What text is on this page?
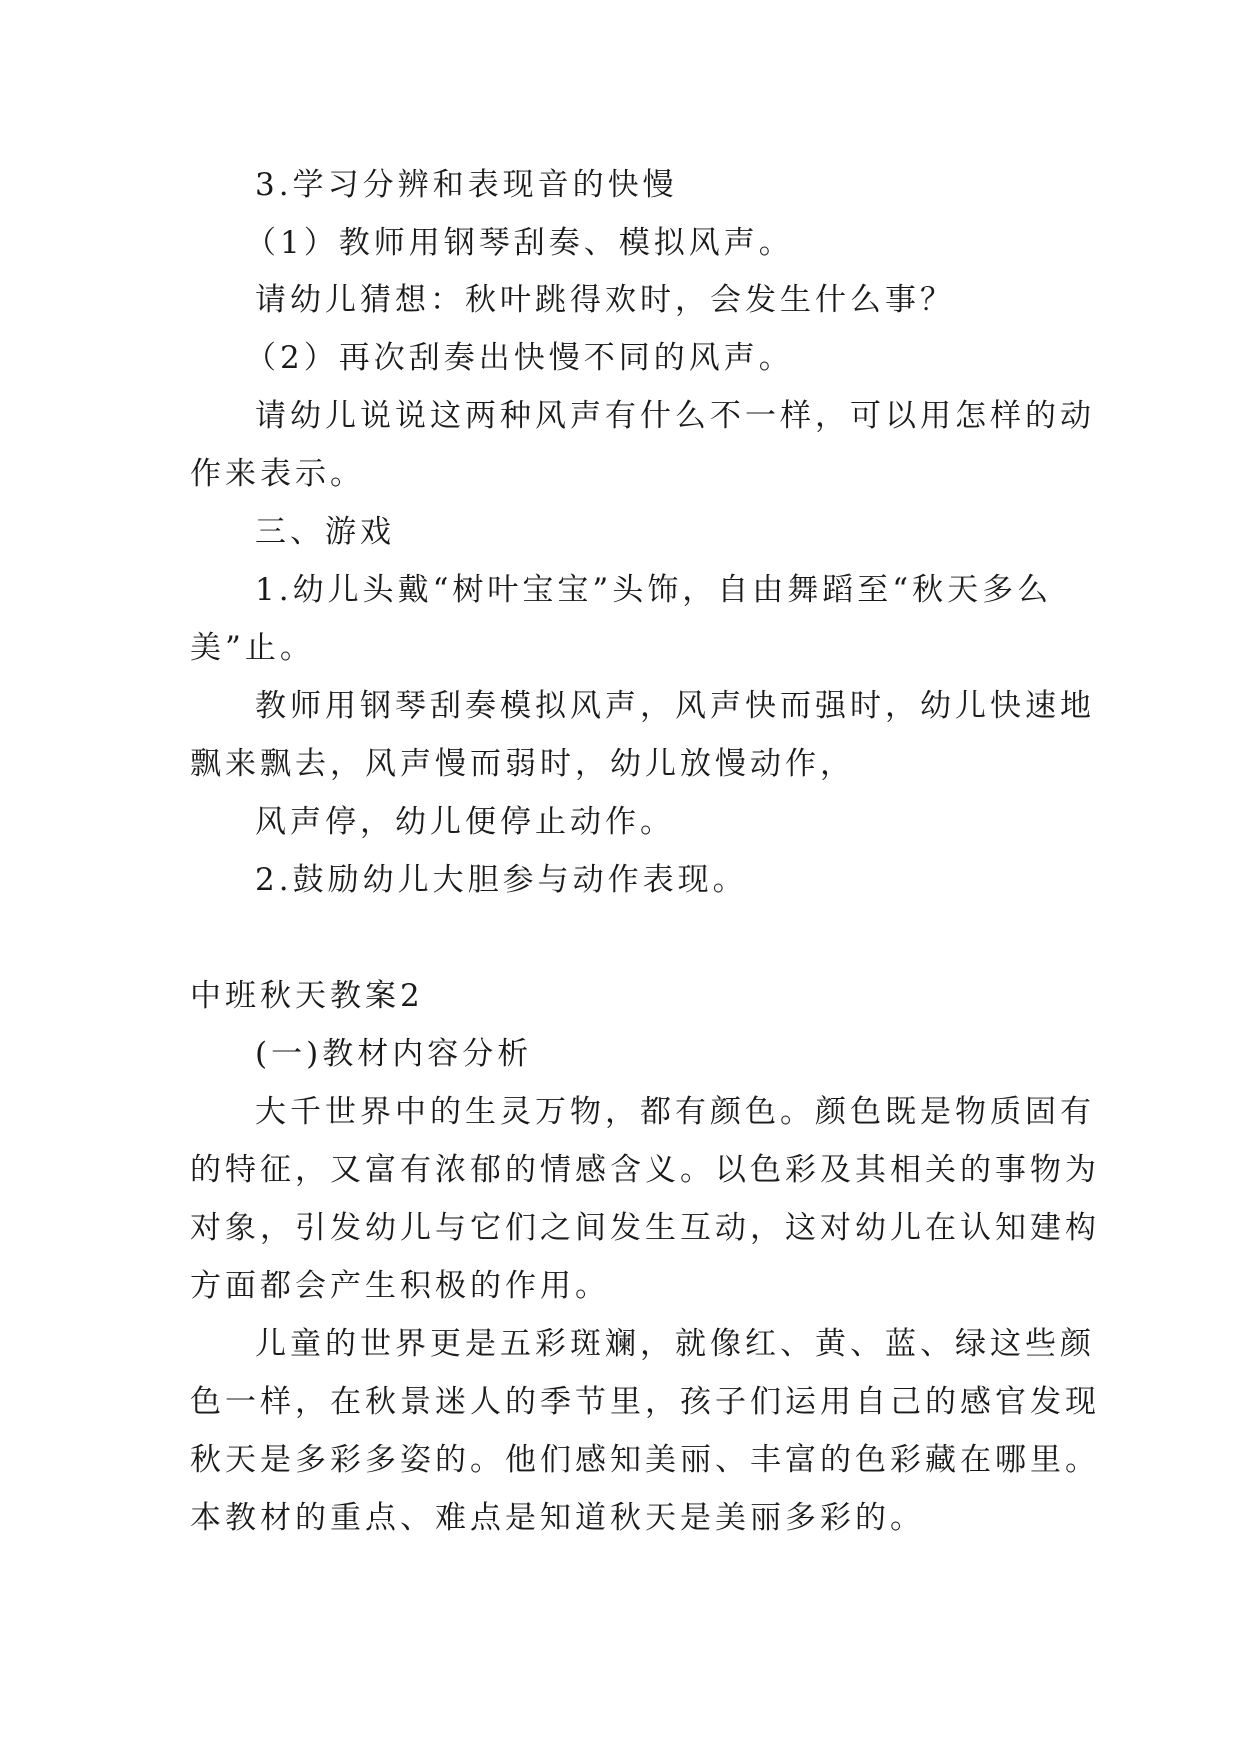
3.学习分辨和表现音的快慢
（1）教师用钢琴刮奏、模拟风声。
请幼儿猜想：秋叶跳得欢时，会发生什么事？
（2）再次刮奏出快慢不同的风声。
请幼儿说说这两种风声有什么不一样，可以用怎样的动
作来表示。
三、游戏
1.幼儿头戴“树叶宝宝”头饰，自由舞蹈至“秋天多么
美”止。
教师用钢琴刮奏模拟风声，风声快而强时，幼儿快速地
飘来飘去，风声慢而弱时，幼儿放慢动作，
风声停，幼儿便停止动作。
2.鼓励幼儿大胆参与动作表现。
中班秋天教案2
(一)教材内容分析
大千世界中的生灵万物，都有颜色。颜色既是物质固有
的特征，又富有浓郁的情感含义。以色彩及其相关的事物为
对象，引发幼儿与它们之间发生互动，这对幼儿在认知建构
方面都会产生积极的作用。
儿童的世界更是五彩斑斓，就像红、黄、蓝、绿这些颜
色一样，在秋景迷人的季节里，孩子们运用自己的感官发现
秋天是多彩多姿的。他们感知美丽、丰富的色彩藏在哪里。
本教材的重点、难点是知道秋天是美丽多彩的。
